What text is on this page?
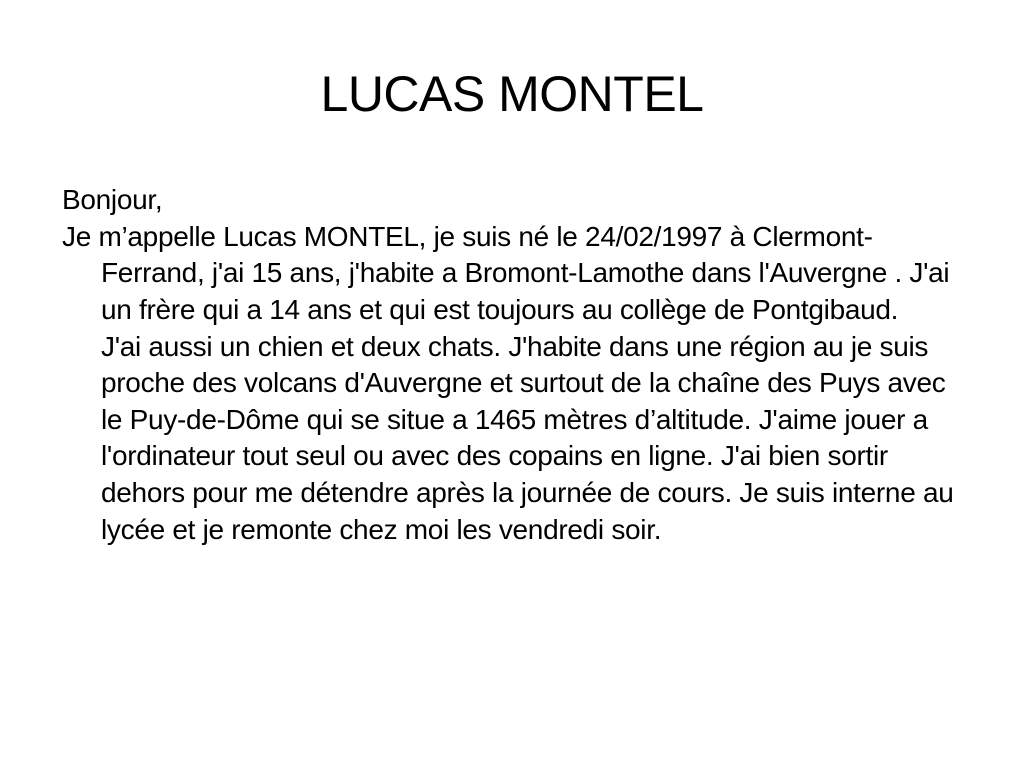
LUCAS MONTEL

Bonjour,

Je m’appelle Lucas MONTEL, je suis né le 24/02/1997 à Clermont-Ferrand, j'ai 15 ans, j'habite a Bromont-Lamothe dans l'Auvergne . J'ai un frère qui a 14 ans et qui est toujours au collège de Pontgibaud.    J'ai aussi un chien et deux chats. J'habite dans une région au je suis proche des volcans d'Auvergne et surtout de la chaîne des Puys avec le Puy-de-Dôme qui se situe a 1465 mètres d’altitude. J'aime jouer a l'ordinateur tout seul ou avec des copains en ligne. J'ai bien sortir dehors pour me détendre après la journée de cours. Je suis interne au lycée et je remonte chez moi les vendredi soir.
